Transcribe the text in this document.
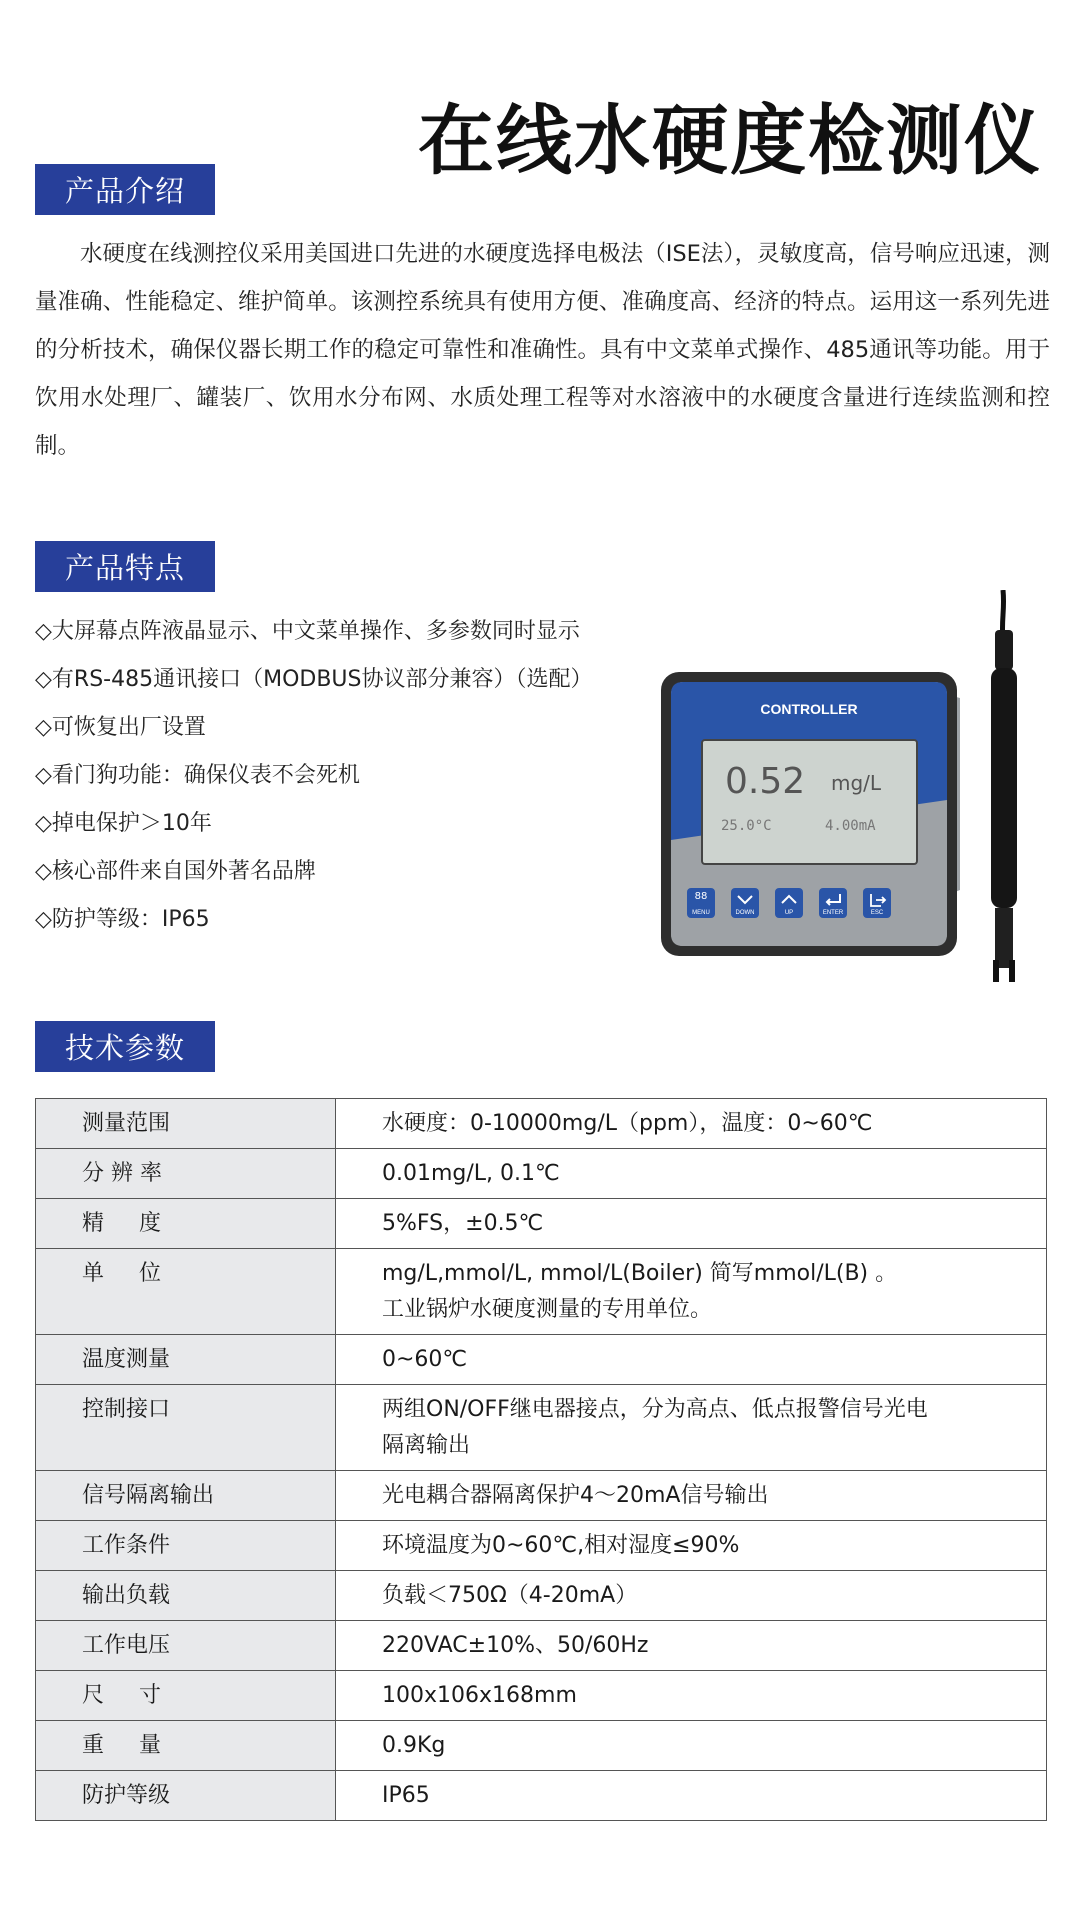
在线水硬度检测仪
产品介绍

水硬度在线测控仪采用美国进口先进的水硬度选择电极法（ISE法），灵敏度高，信号响应迅速，测量准确、性能稳定、维护简单。该测控系统具有使用方便、准确度高、经济的特点。运用这一系列先进的分析技术，确保仪器长期工作的稳定可靠性和准确性。具有中文菜单式操作、485通讯等功能。用于饮用水处理厂、罐装厂、饮用水分布网、水质处理工程等对水溶液中的水硬度含量进行连续监测和控制。

产品特点
◇大屏幕点阵液晶显示、中文菜单操作、多参数同时显示
◇有RS-485通讯接口（MODBUS协议部分兼容）（选配）
◇可恢复出厂设置
◇看门狗功能：确保仪表不会死机
◇掉电保护＞10年
◇核心部件来自国外著名品牌
◇防护等级：IP65
CONTROLLER
0.52 mg/L
25.0°C	4.00mA
88
MENU	DOWN	UP	ENTER	ESC
技术参数
测量范围	水硬度：0-10000mg/L（ppm），温度：0~60℃

分 辨 率	0.01mg/L, 0.1℃

精     度	5%FS，±0.5℃

单     位	mg/L,mmol/L, mmol/L(Boiler) 简写mmol/L(B) 。
工业锅炉水硬度测量的专用单位。

温度测量	0~60℃

控制接口	两组ON/OFF继电器接点，分为高点、低点报警信号光电
隔离输出

信号隔离输出	光电耦合器隔离保护4～20mA信号输出

工作条件	环境温度为0~60℃,相对湿度≤90%

输出负载	负载＜750Ω（4-20mA）

工作电压	220VAC±10%、50/60Hz

尺     寸	100x106x168mm

重     量	0.9Kg

防护等级	IP65
